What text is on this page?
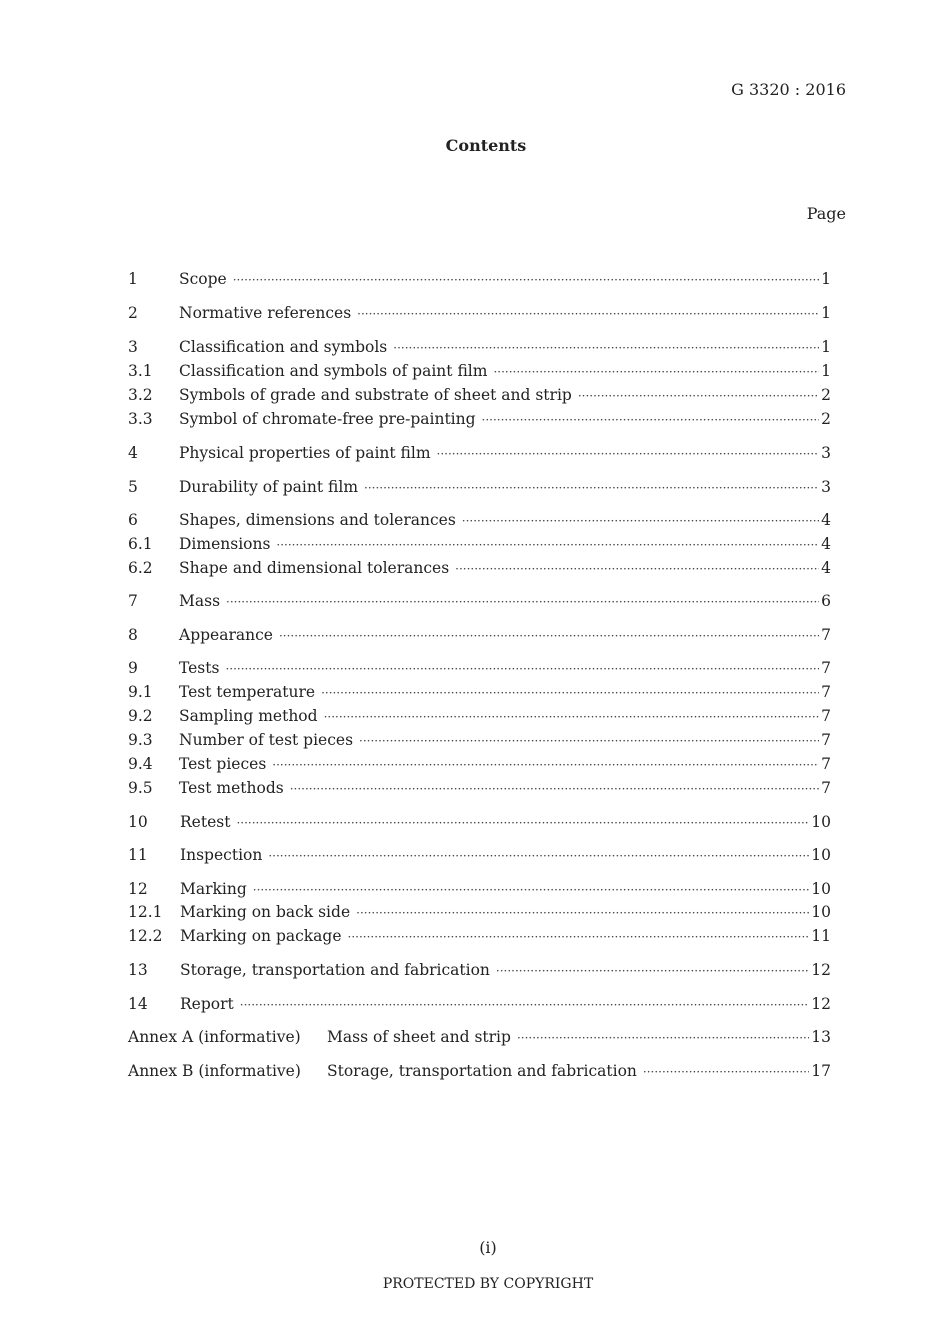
G 3320 : 2016
Contents
Page
1	Scope ·····	1
2	Normative references ·····	1
3	Classification and symbols ·····	1
3.1	Classification and symbols of paint film ·····	1
3.2	Symbols of grade and substrate of sheet and strip ·····	2
3.3	Symbol of chromate-free pre-painting ·····	2
4	Physical properties of paint film ·····	3
5	Durability of paint film ·····	3
6	Shapes, dimensions and tolerances ·····	4
6.1	Dimensions ·····	4
6.2	Shape and dimensional tolerances ·····	4
7	Mass ·····	6
8	Appearance ·····	7
9	Tests ·····	7
9.1	Test temperature ·····	7
9.2	Sampling method ·····	7
9.3	Number of test pieces ·····	7
9.4	Test pieces ·····	7
9.5	Test methods ·····	7
10	Retest ·····	10
11	Inspection ·····	10
12	Marking ·····	10
12.1	Marking on back side ·····	10
12.2	Marking on package ·····	11
13	Storage, transportation and fabrication ·····	12
14	Report ·····	12
Annex A (informative)	Mass of sheet and strip ·····	13
Annex B (informative)	Storage, transportation and fabrication ·····	17
(i)
PROTECTED BY COPYRIGHT
